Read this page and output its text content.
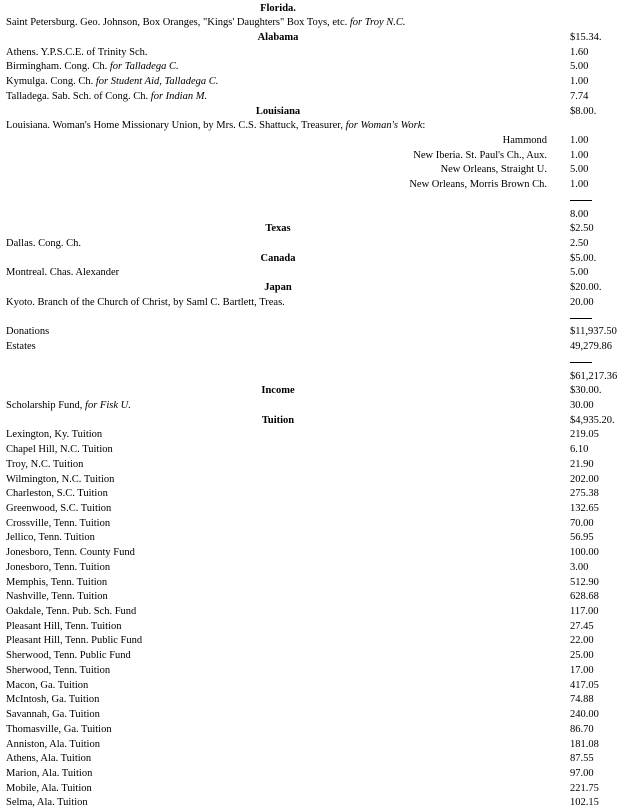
Florida.
Saint Petersburg. Geo. Johnson, Box Oranges, "Kings' Daughters" Box Toys, etc. for Troy N.C.
Alabama	$15.34.
Athens. Y.P.S.C.E. of Trinity Sch.	1.60
Birmingham. Cong. Ch. for Talladega C.	5.00
Kymulga. Cong. Ch. for Student Aid, Talladega C.	1.00
Talladega. Sab. Sch. of Cong. Ch. for Indian M.	7.74
Louisiana	$8.00.
Louisiana. Woman's Home Missionary Union, by Mrs. C.S. Shattuck, Treasurer, for Woman's Work:
Hammond 1.00
New Iberia. St. Paul's Ch., Aux. 1.00
New Orleans, Straight U. 5.00
New Orleans, Morris Brown Ch. 1.00
8.00
Texas	$2.50
Dallas. Cong. Ch.	2.50
Canada	$5.00.
Montreal. Chas. Alexander	5.00
Japan	$20.00.
Kyoto. Branch of the Church of Christ, by Saml C. Bartlett, Treas.	20.00
Donations	$11,937.50
Estates	49,279.86
$61,217.36
Income	$30.00.
Scholarship Fund, for Fisk U.	30.00
Tuition	$4,935.20.
Lexington, Ky. Tuition	219.05
Chapel Hill, N.C. Tuition	6.10
Troy, N.C. Tuition	21.90
Wilmington, N.C. Tuition	202.00
Charleston, S.C. Tuition	275.38
Greenwood, S.C. Tuition	132.65
Crossville, Tenn. Tuition	70.00
Jellico, Tenn. Tuition	56.95
Jonesboro, Tenn. County Fund	100.00
Jonesboro, Tenn. Tuition	3.00
Memphis, Tenn. Tuition	512.90
Nashville, Tenn. Tuition	628.68
Oakdale, Tenn. Pub. Sch. Fund	117.00
Pleasant Hill, Tenn. Tuition	27.45
Pleasant Hill, Tenn. Public Fund	22.00
Sherwood, Tenn. Public Fund	25.00
Sherwood, Tenn. Tuition	17.00
Macon, Ga. Tuition	417.05
McIntosh, Ga. Tuition	74.88
Savannah, Ga. Tuition	240.00
Thomasville, Ga. Tuition	86.70
Anniston, Ala. Tuition	181.08
Athens, Ala. Tuition	87.55
Marion, Ala. Tuition	97.00
Mobile, Ala. Tuition	221.75
Selma, Ala. Tuition	102.15
